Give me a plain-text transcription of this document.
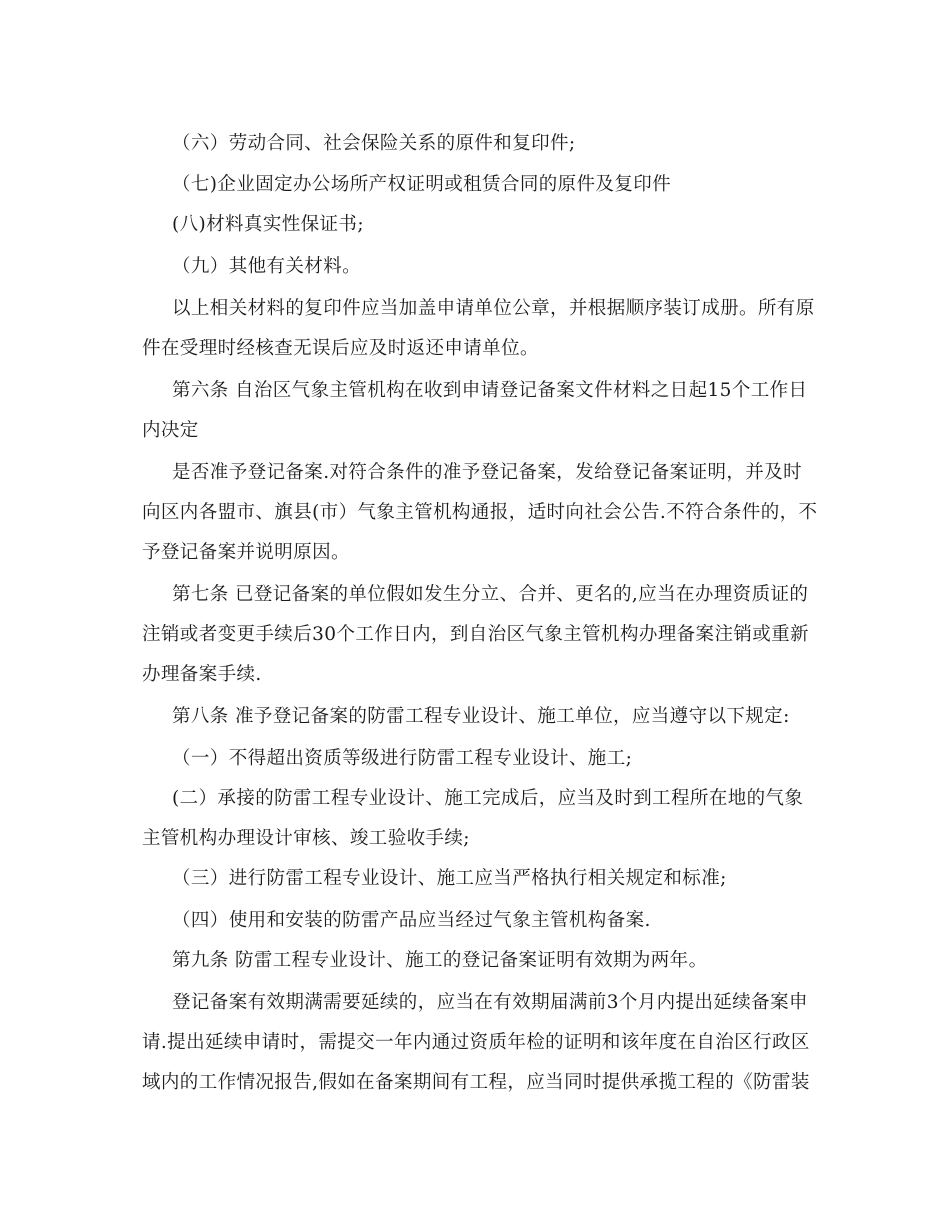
（六）劳动合同、社会保险关系的原件和复印件;
（七)企业固定办公场所产权证明或租赁合同的原件及复印件
(八)材料真实性保证书;
（九）其他有关材料。
以上相关材料的复印件应当加盖申请单位公章，并根据顺序装订成册。所有原
件在受理时经核查无误后应及时返还申请单位。
第六条 自治区气象主管机构在收到申请登记备案文件材料之日起15个工作日
内决定
是否准予登记备案.对符合条件的准予登记备案，发给登记备案证明，并及时
向区内各盟市、旗县(市）气象主管机构通报，适时向社会公告.不符合条件的，不
予登记备案并说明原因。
第七条 已登记备案的单位假如发生分立、合并、更名的,应当在办理资质证的
注销或者变更手续后30个工作日内，到自治区气象主管机构办理备案注销或重新
办理备案手续.
第八条 准予登记备案的防雷工程专业设计、施工单位，应当遵守以下规定:
（一）不得超出资质等级进行防雷工程专业设计、施工;
(二）承接的防雷工程专业设计、施工完成后，应当及时到工程所在地的气象
主管机构办理设计审核、竣工验收手续;
（三）进行防雷工程专业设计、施工应当严格执行相关规定和标准;
（四）使用和安装的防雷产品应当经过气象主管机构备案.
第九条 防雷工程专业设计、施工的登记备案证明有效期为两年。
登记备案有效期满需要延续的，应当在有效期届满前3个月内提出延续备案申
请.提出延续申请时，需提交一年内通过资质年检的证明和该年度在自治区行政区
域内的工作情况报告,假如在备案期间有工程，应当同时提供承揽工程的《防雷装
